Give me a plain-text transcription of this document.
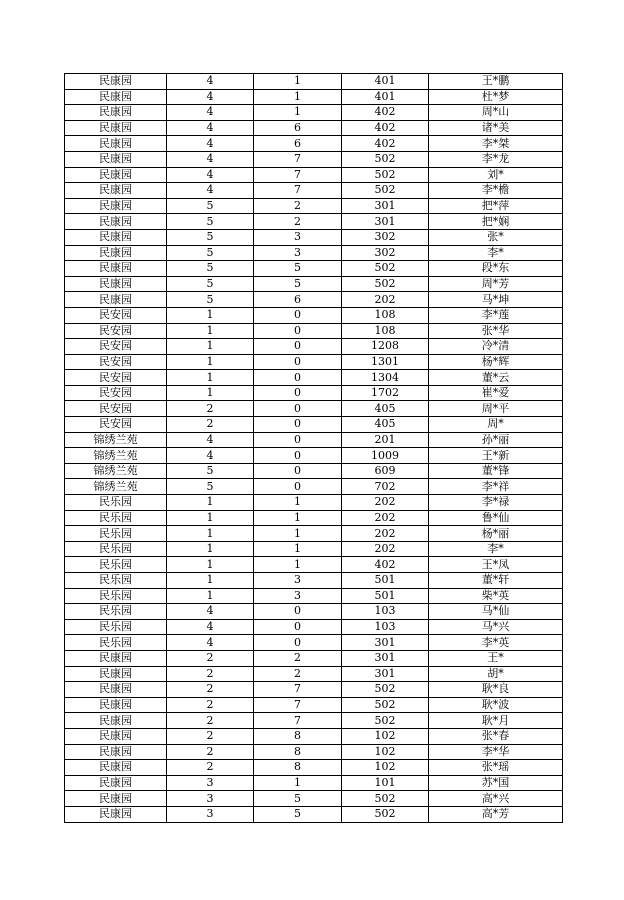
民康园	4	1	401	王*鹏
民康园	4	1	401	杜*梦
民康园	4	1	402	周*山
民康园	4	6	402	诸*美
民康园	4	6	402	李*桀
民康园	4	7	502	李*龙
民康园	4	7	502	刘*
民康园	4	7	502	李*檐
民康园	5	2	301	把*萍
民康园	5	2	301	把*娴
民康园	5	3	302	张*
民康园	5	3	302	李*
民康园	5	5	502	段*东
民康园	5	5	502	周*芳
民康园	5	6	202	马*坤
民安园	1	0	108	李*莲
民安园	1	0	108	张*华
民安园	1	0	1208	冷*清
民安园	1	0	1301	杨*辉
民安园	1	0	1304	董*云
民安园	1	0	1702	崔*爱
民安园	2	0	405	周*平
民安园	2	0	405	周*
锦绣兰苑	4	0	201	孙*丽
锦绣兰苑	4	0	1009	王*新
锦绣兰苑	5	0	609	董*锋
锦绣兰苑	5	0	702	李*祥
民乐园	1	1	202	李*禄
民乐园	1	1	202	鲁*仙
民乐园	1	1	202	杨*丽
民乐园	1	1	202	李*
民乐园	1	1	402	王*凤
民乐园	1	3	501	董*轩
民乐园	1	3	501	柴*英
民乐园	4	0	103	马*仙
民乐园	4	0	103	马*兴
民乐园	4	0	301	李*英
民康园	2	2	301	王*
民康园	2	2	301	胡*
民康园	2	7	502	耿*良
民康园	2	7	502	耿*波
民康园	2	7	502	耿*月
民康园	2	8	102	张*春
民康园	2	8	102	李*华
民康园	2	8	102	张*瑶
民康园	3	1	101	苏*国
民康园	3	5	502	高*兴
民康园	3	5	502	高*芳
